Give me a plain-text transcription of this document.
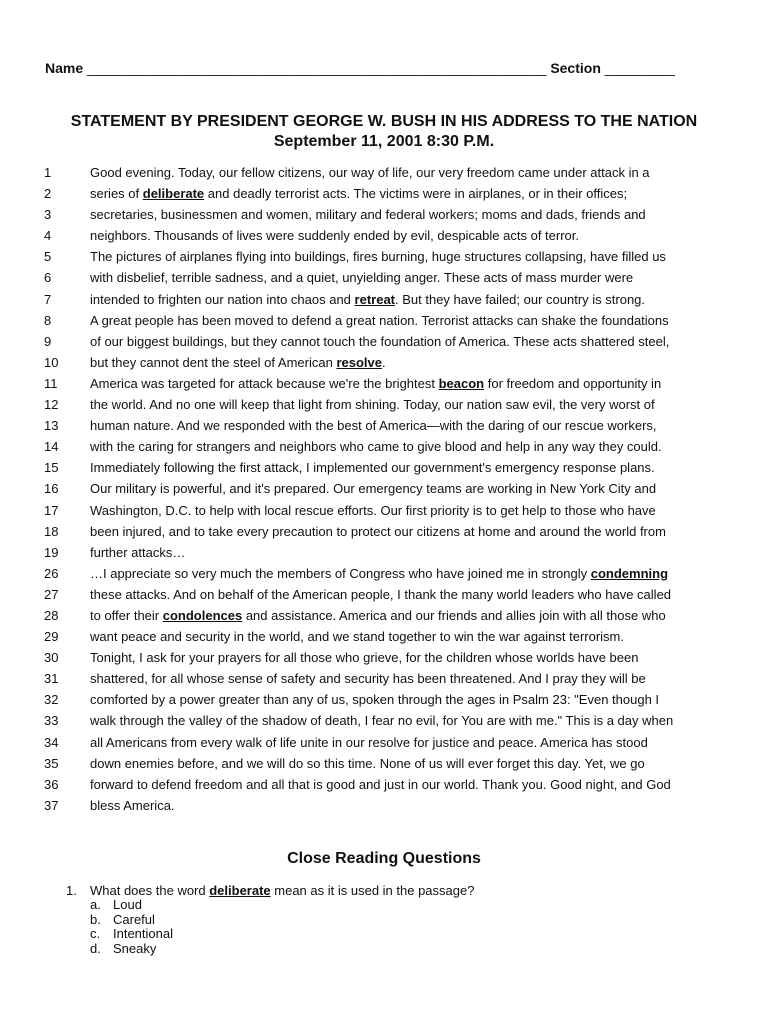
Name ___________________________________________________________ Section _________
STATEMENT BY PRESIDENT GEORGE W. BUSH IN HIS ADDRESS TO THE NATION
September 11, 2001 8:30 P.M.
1	Good evening. Today, our fellow citizens, our way of life, our very freedom came under attack in a
2	series of deliberate and deadly terrorist acts. The victims were in airplanes, or in their offices;
3	secretaries, businessmen and women, military and federal workers; moms and dads, friends and
4	neighbors. Thousands of lives were suddenly ended by evil, despicable acts of terror.
5	The pictures of airplanes flying into buildings, fires burning, huge structures collapsing, have filled us
6	with disbelief, terrible sadness, and a quiet, unyielding anger. These acts of mass murder were
7	intended to frighten our nation into chaos and retreat. But they have failed; our country is strong.
8	A great people has been moved to defend a great nation. Terrorist attacks can shake the foundations
9	of our biggest buildings, but they cannot touch the foundation of America. These acts shattered steel,
10	but they cannot dent the steel of American resolve.
11	America was targeted for attack because we're the brightest beacon for freedom and opportunity in
12	the world. And no one will keep that light from shining. Today, our nation saw evil, the very worst of
13	human nature. And we responded with the best of America—with the daring of our rescue workers,
14	with the caring for strangers and neighbors who came to give blood and help in any way they could.
15	Immediately following the first attack, I implemented our government's emergency response plans.
16	Our military is powerful, and it's prepared. Our emergency teams are working in New York City and
17	Washington, D.C. to help with local rescue efforts. Our first priority is to get help to those who have
18	been injured, and to take every precaution to protect our citizens at home and around the world from
19	further attacks…
26	…I appreciate so very much the members of Congress who have joined me in strongly condemning
27	these attacks. And on behalf of the American people, I thank the many world leaders who have called
28	to offer their condolences and assistance. America and our friends and allies join with all those who
29	want peace and security in the world, and we stand together to win the war against terrorism.
30	Tonight, I ask for your prayers for all those who grieve, for the children whose worlds have been
31	shattered, for all whose sense of safety and security has been threatened. And I pray they will be
32	comforted by a power greater than any of us, spoken through the ages in Psalm 23: "Even though I
33	walk through the valley of the shadow of death, I fear no evil, for You are with me." This is a day when
34	all Americans from every walk of life unite in our resolve for justice and peace. America has stood
35	down enemies before, and we will do so this time. None of us will ever forget this day. Yet, we go
36	forward to defend freedom and all that is good and just in our world. Thank you. Good night, and God
37	bless America.
Close Reading Questions
1. What does the word deliberate mean as it is used in the passage?
a. Loud
b. Careful
c. Intentional
d. Sneaky
